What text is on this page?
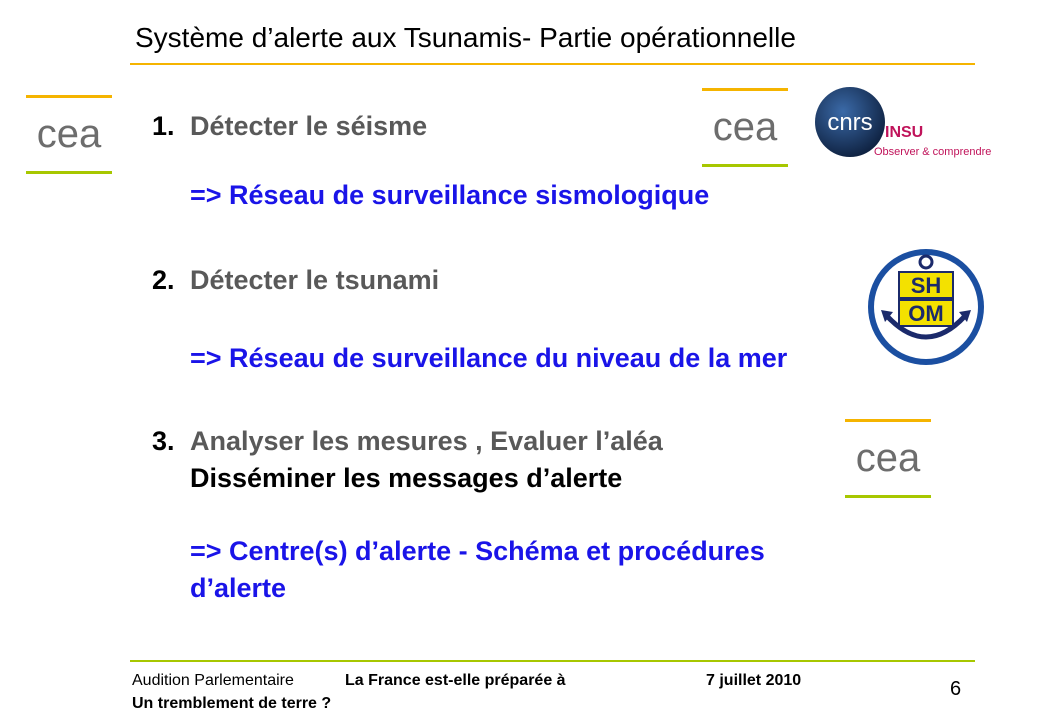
Système d’alerte aux Tsunamis- Partie opérationnelle
cea 1. Détecter le séisme
=> Réseau de surveillance sismologique
cea cnrs INSU
Observer & comprendre
2. Détecter le tsunami
=> Réseau de surveillance du niveau de la mer
SH
OM
3. Analyser les mesures , Evaluer l’aléa
Disséminer les messages d’alerte
=> Centre(s) d’alerte - Schéma et procédures
d’alerte
cea
Audition Parlementaire	La France est-elle préparée à
Un tremblement de terre ?
7 juillet 2010	6
